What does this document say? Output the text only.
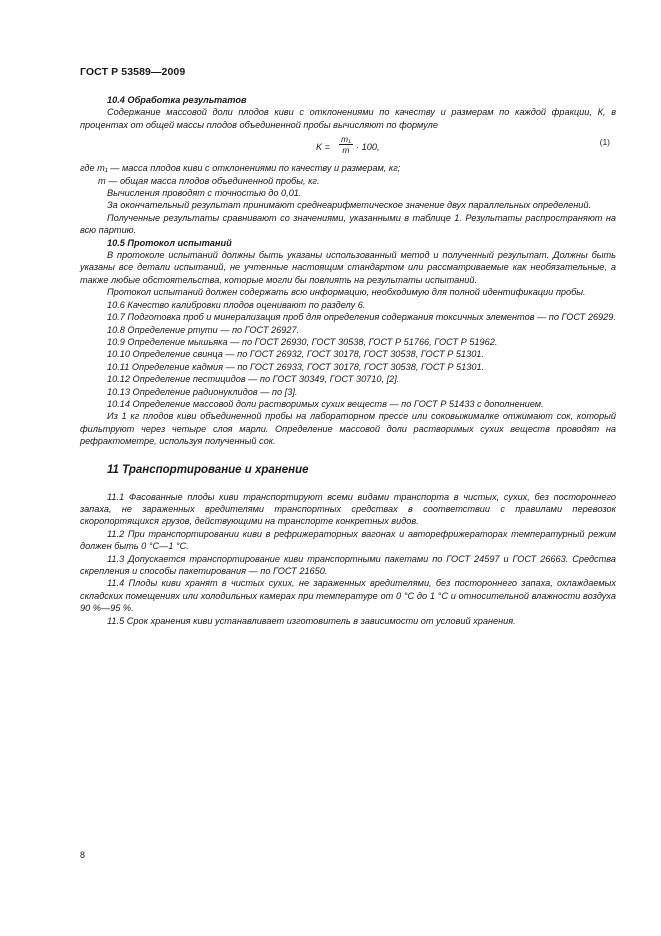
ГОСТ Р 53589—2009

10.4 Обработка результатов

Содержание массовой доли плодов киви с отклонениями по качеству и размерам по каждой фракции, К, в процентах от общей массы плодов объединенной пробы вычисляют по формуле

$K = \frac{\text{m₁}}{m} \cdot 100$,	(1)

где m₁ — масса плодов киви с отклонениями по качеству и размерам, кг;

m — общая масса плодов объединенной пробы, кг.

Вычисления проводят с точностью до 0,01.

За окончательный результат принимают среднеарифметическое значение двух параллельных определений.

Полученные результаты сравнивают со значениями, указанными в таблице 1. Результаты распространяют на всю партию.

10.5 Протокол испытаний

В протоколе испытаний должны быть указаны использованный метод и полученный результат. Должны быть указаны все детали испытаний, не учтенные настоящим стандартом или рассматриваемые как необязательные, а также любые обстоятельства, которые могли бы повлиять на результаты испытаний.

Протокол испытаний должен содержать всю информацию, необходимую для полной идентификации пробы.

10.6 Качество калибровки плодов оценивают по разделу 6.

10.7 Подготовка проб и минерализация проб для определения содержания токсичных элементов — по ГОСТ 26929.

10.8 Определение ртути — по ГОСТ 26927.

10.9 Определение мышьяка — по ГОСТ 26930, ГОСТ 30538, ГОСТ Р 51766, ГОСТ Р 51962.

10.10 Определение свинца — по ГОСТ 26932, ГОСТ 30178, ГОСТ 30538, ГОСТ Р 51301.

10.11 Определение кадмия — по ГОСТ 26933, ГОСТ 30178, ГОСТ 30538, ГОСТ Р 51301.

10.12 Определение пестицидов — по ГОСТ 30349, ГОСТ 30710, [2].

10.13 Определение радионуклидов — по [3].

10.14 Определение массовой доли растворимых сухих веществ — по ГОСТ Р 51433 с дополнением.

Из 1 кг плодов киви объединенной пробы на лабораторном прессе или соковыжималке отжимают сок, который фильтруют через четыре слоя марли. Определение массовой доли растворимых сухих веществ проводят на рефрактометре, используя полученный сок.

11 Транспортирование и хранение

11.1 Фасованные плоды киви транспортируют всеми видами транспорта в чистых, сухих, без постороннего запаха, не зараженных вредителями транспортных средствах в соответствии с правилами перевозок скоропортящихся грузов, действующими на транспорте конкретных видов.

11.2 При транспортировании киви в рефрижераторных вагонах и авторефрижераторах температурный режим должен быть 0 °С—1 °С.

11.3 Допускается транспортирование киви транспортными пакетами по ГОСТ 24597 и ГОСТ 26663. Средства скрепления и способы пакетирования — по ГОСТ 21650.

11.4 Плоды киви хранят в чистых сухих, не зараженных вредителями, без постороннего запаха, охлаждаемых складских помещениях или холодильных камерах при температуре от 0 °С до 1 °С и относительной влажности воздуха 90 %—95 %.

11.5 Срок хранения киви устанавливает изготовитель в зависимости от условий хранения.

8
